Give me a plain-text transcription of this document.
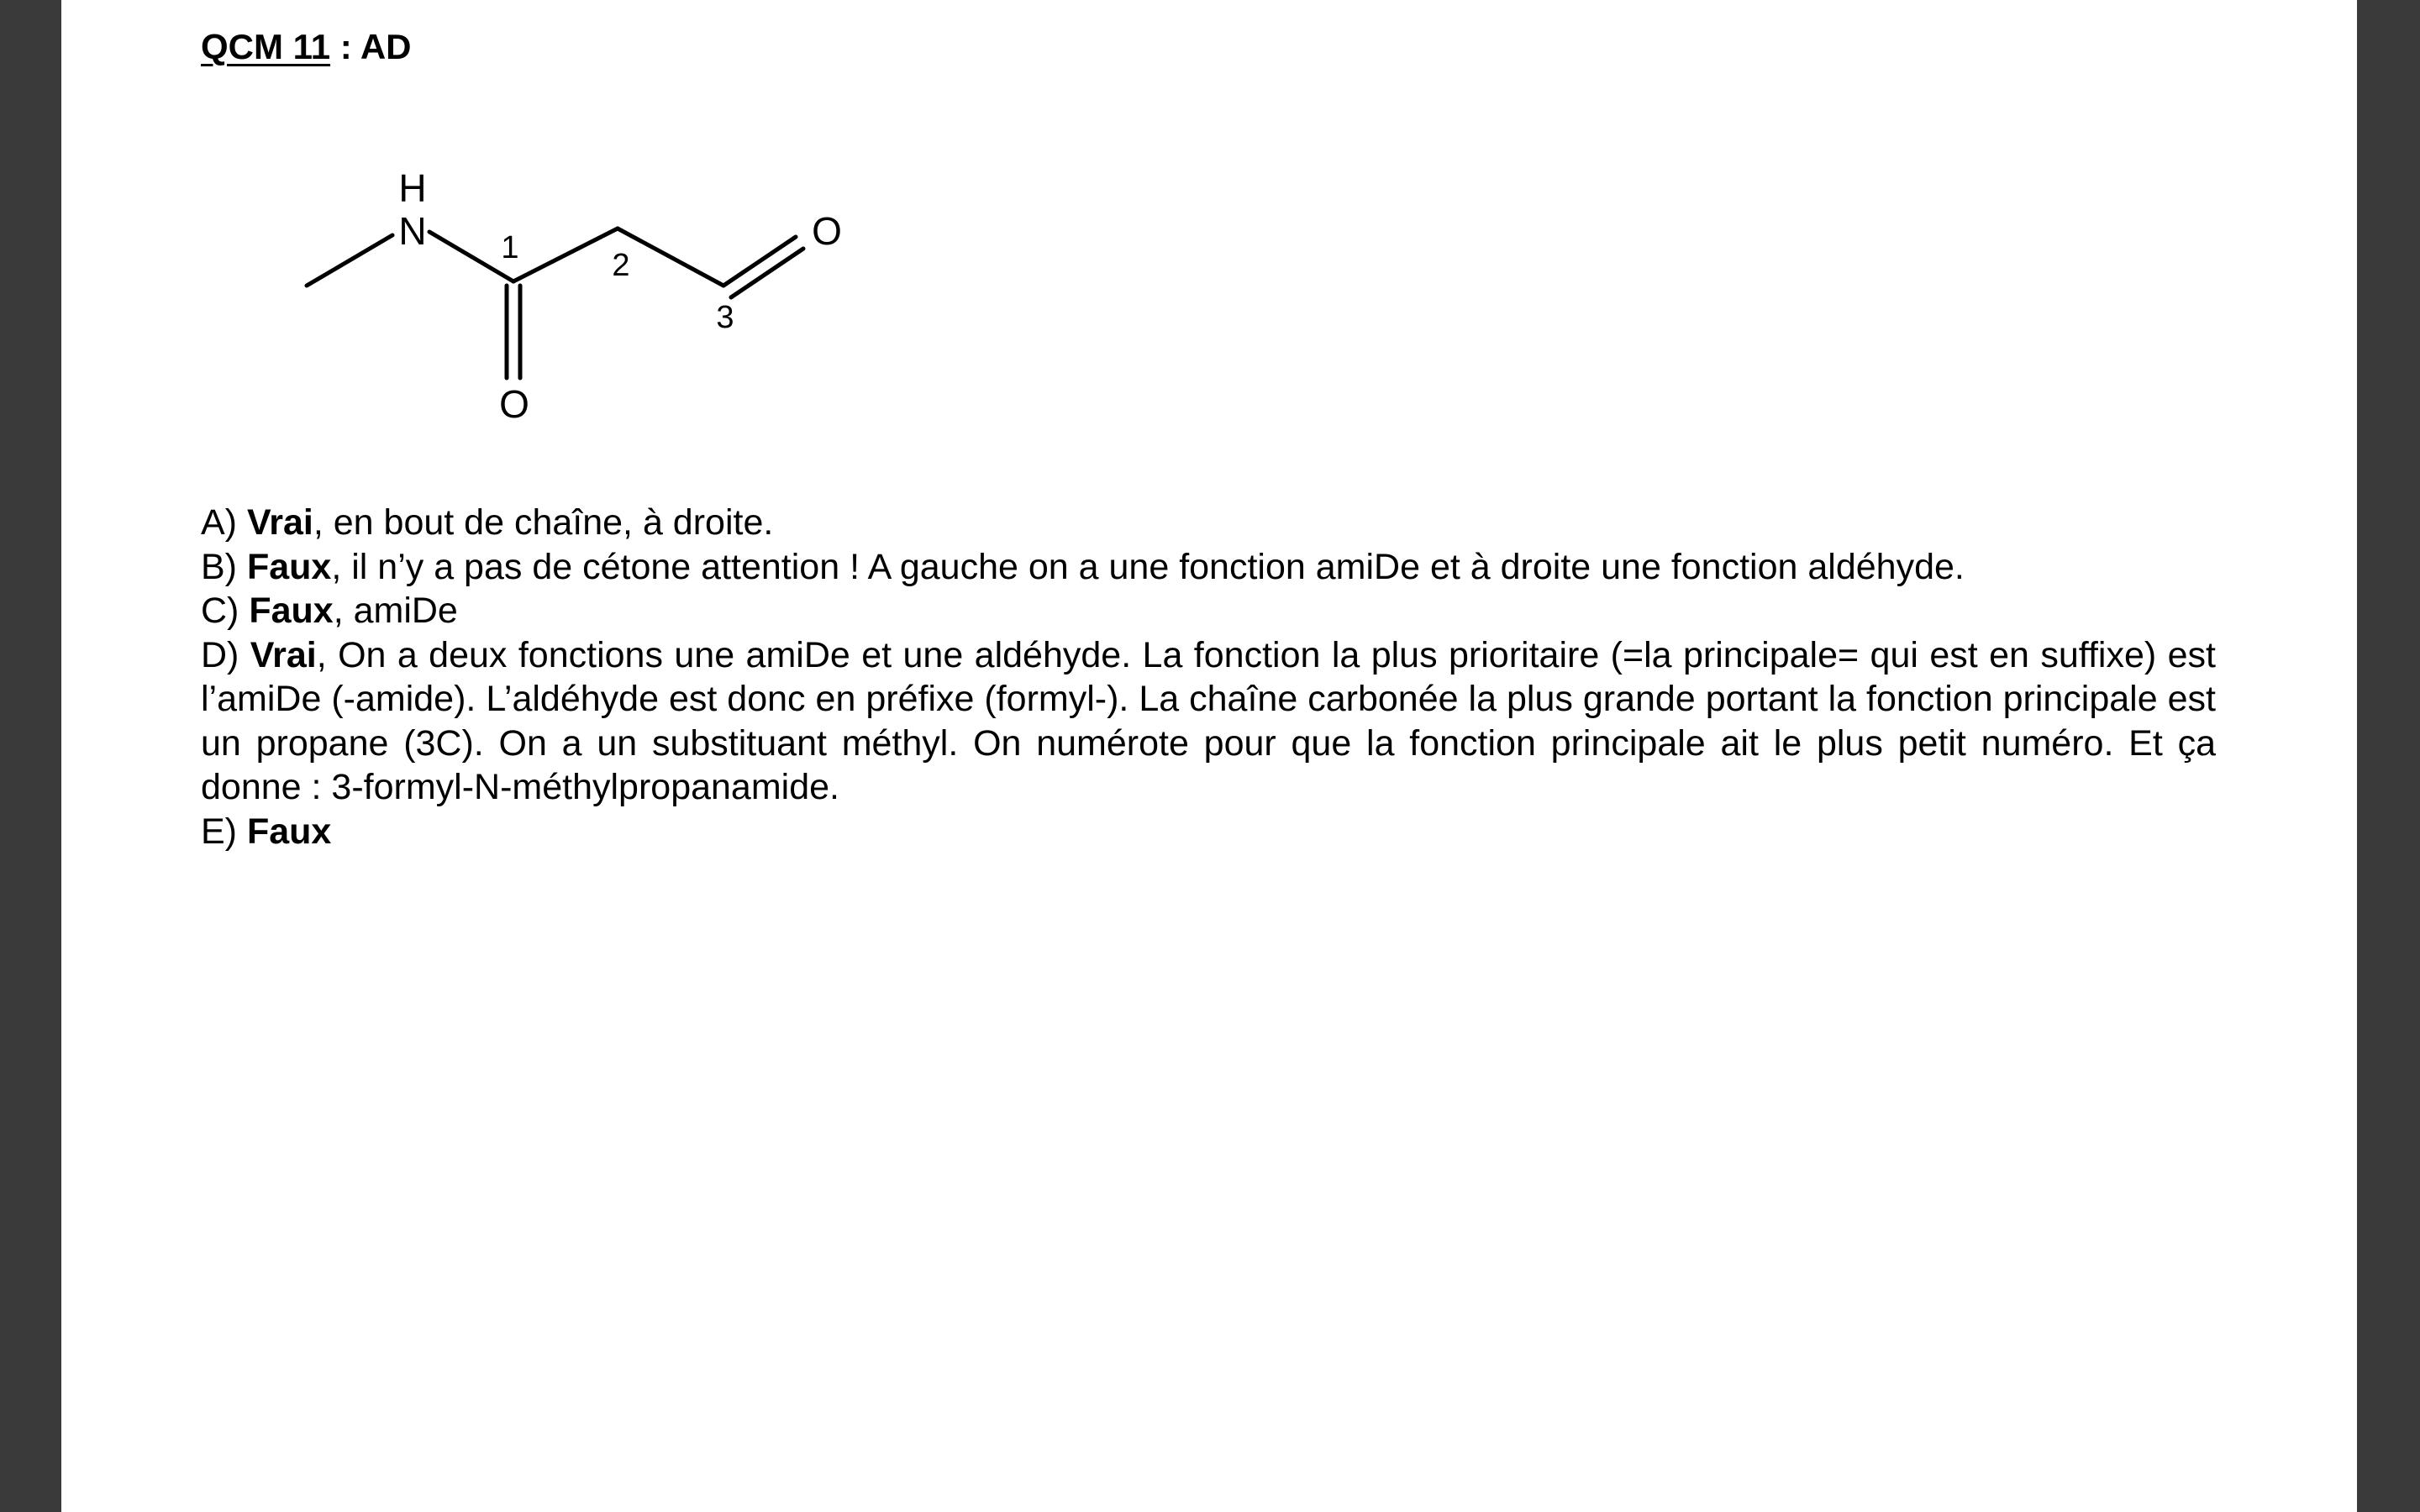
QCM 11 : AD
H
N
O
O
1	2
3

A) Vrai, en bout de chaîne, à droite.

B) Faux, il n’y a pas de cétone attention ! A gauche on a une fonction amiDe et à droite une fonction aldéhyde.

C) Faux, amiDe

D) Vrai, On a deux fonctions une amiDe et une aldéhyde. La fonction la plus prioritaire (=la principale= qui est en suffixe) est l’amiDe (-amide). L’aldéhyde est donc en préfixe (formyl-). La chaîne carbonée la plus grande portant la fonction principale est un propane (3C). On a un substituant méthyl. On numérote pour que la fonction principale ait le plus petit numéro. Et ça donne : 3-formyl-N-méthylpropanamide.

E) Faux
